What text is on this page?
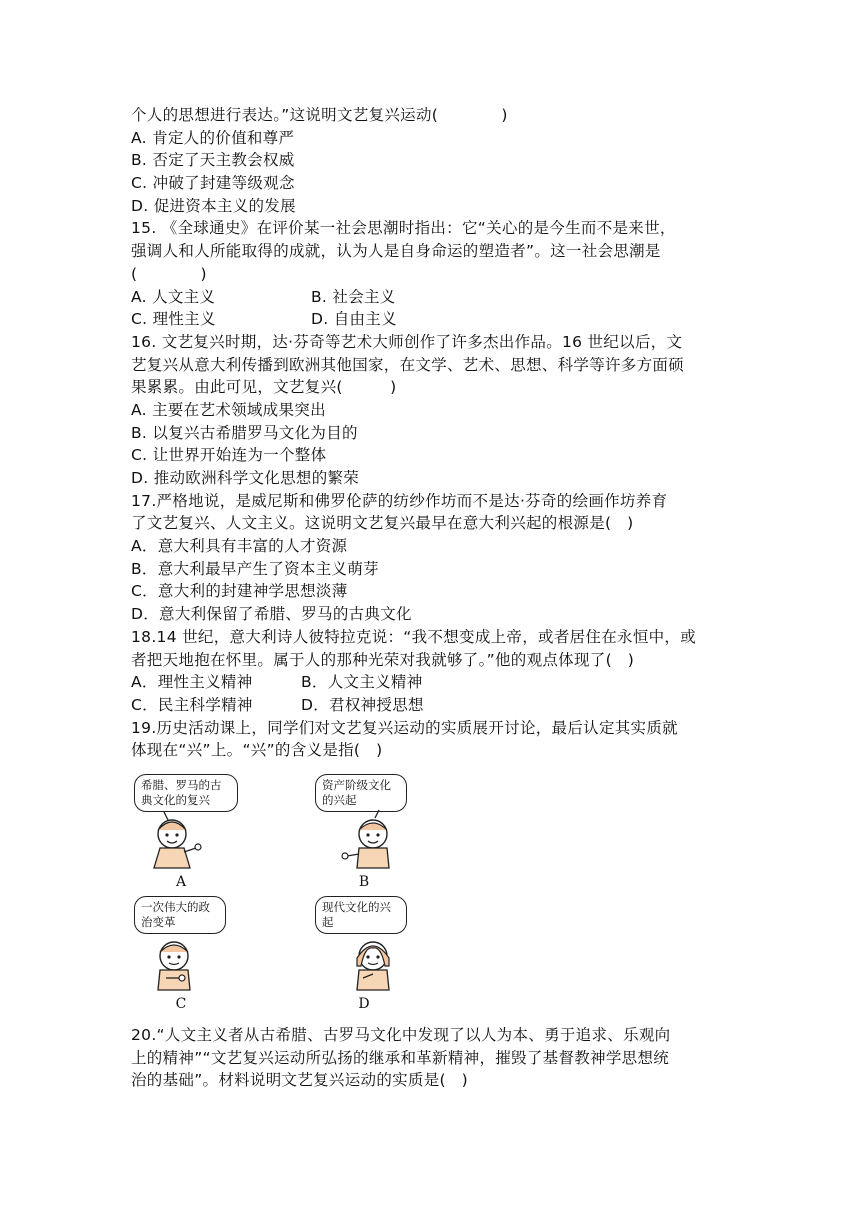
个人的思想进行表达。”这说明文艺复兴运动(　　　　)
A. 肯定人的价值和尊严
B. 否定了天主教会权威
C. 冲破了封建等级观念
D. 促进资本主义的发展
15. 《全球通史》在评价某一社会思潮时指出：它“关心的是今生而不是来世，
强调人和人所能取得的成就，认为人是自身命运的塑造者”。这一社会思潮是
(　　　　)
A. 人文主义	B. 社会主义
C. 理性主义	D. 自由主义
16. 文艺复兴时期，达·芬奇等艺术大师创作了许多杰出作品。16 世纪以后，文
艺复兴从意大利传播到欧洲其他国家，在文学、艺术、思想、科学等许多方面硕
果累累。由此可见，文艺复兴(　　　)
A. 主要在艺术领域成果突出
B. 以复兴古希腊罗马文化为目的
C. 让世界开始连为一个整体
D. 推动欧洲科学文化思想的繁荣
17.严格地说，是威尼斯和佛罗伦萨的纺纱作坊而不是达·芬奇的绘画作坊养育
了文艺复兴、人文主义。这说明文艺复兴最早在意大利兴起的根源是(　)
A．意大利具有丰富的人才资源
B．意大利最早产生了资本主义萌芽
C．意大利的封建神学思想淡薄
D．意大利保留了希腊、罗马的古典文化
18.14 世纪，意大利诗人彼特拉克说：“我不想变成上帝，或者居住在永恒中，或
者把天地抱在怀里。属于人的那种光荣对我就够了。”他的观点体现了(　)
A．理性主义精神	B．人文主义精神
C．民主科学精神	D．君权神授思想
19.历史活动课上，同学们对文艺复兴运动的实质展开讨论，最后认定其实质就
体现在“兴”上。“兴”的含义是指(　)
希腊、罗马的古典文化的复兴
A
资产阶级文化的兴起
B
一次伟大的政治变革
C
现代文化的兴起
D
20.“人文主义者从古希腊、古罗马文化中发现了以人为本、勇于追求、乐观向
上的精神”“文艺复兴运动所弘扬的继承和革新精神，摧毁了基督教神学思想统
治的基础”。材料说明文艺复兴运动的实质是(　)
